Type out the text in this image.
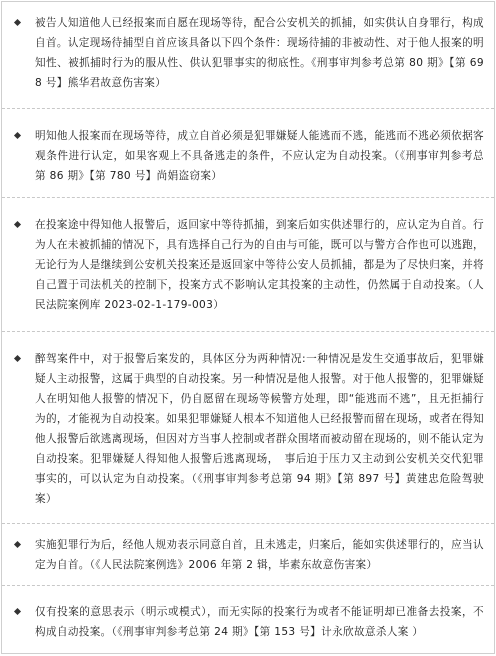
被告人知道他人已经报案而自愿在现场等待，配合公安机关的抓捕，如实供认自身罪行，构成自首。认定现场待捕型自首应该具备以下四个条件：现场待捕的非被动性、对于他人报案的明知性、被抓捕时行为的服从性、供认犯罪事实的彻底性。《刑事审判参考总第 80 期》【第 698 号】熊华君故意伤害案）
明知他人报案而在现场等待，成立自首必须是犯罪嫌疑人能逃而不逃，能逃而不逃必须依据客观条件进行认定，如果客观上不具备逃走的条件，不应认定为自动投案。（《刑事审判参考总第 86 期》【第 780 号】尚娟盗窃案）
在投案途中得知他人报警后，返回家中等待抓捕，到案后如实供述罪行的，应认定为自首。行为人在未被抓捕的情况下，具有选择自己行为的自由与可能，既可以与警方合作也可以逃跑，无论行为人是继续到公安机关投案还是返回家中等待公安人员抓捕，都是为了尽快归案，并将自己置于司法机关的控制下，投案方式不影响认定其投案的主动性，仍然属于自动投案。（人民法院案例库 2023-02-1-179-003）
醉驾案件中，对于报警后案发的，具体区分为两种情况:一种情况是发生交通事故后，犯罪嫌疑人主动报警，这属于典型的自动投案。另一种情况是他人报警。对于他人报警的，犯罪嫌疑人在明知他人报警的情况下，仍自愿留在现场等候警方处理，即“能逃而不逃”，且无拒捕行为的，才能视为自动投案。如果犯罪嫌疑人根本不知道他人已经报警而留在现场，或者在得知他人报警后欲逃离现场，但因对方当事人控制或者群众围堵而被动留在现场的，则不能认定为自动投案。犯罪嫌疑人得知他人报警后逃离现场，　事后迫于压力又主动到公安机关交代犯罪事实的，可以认定为自动投案。（《刑事审判参考总第 94 期》【第 897 号】黄建忠危险驾驶案）
实施犯罪行为后，经他人规劝表示同意自首，且未逃走，归案后，能如实供述罪行的，应当认定为自首。（《人民法院案例选》2006 年第 2 辑，毕素东故意伤害案）
仅有投案的意思表示（明示或模式），而无实际的投案行为或者不能证明却已准备去投案，不构成自动投案。（《刑事审判参考总第 24 期》【第 153 号】计永欣故意杀人案 ）
